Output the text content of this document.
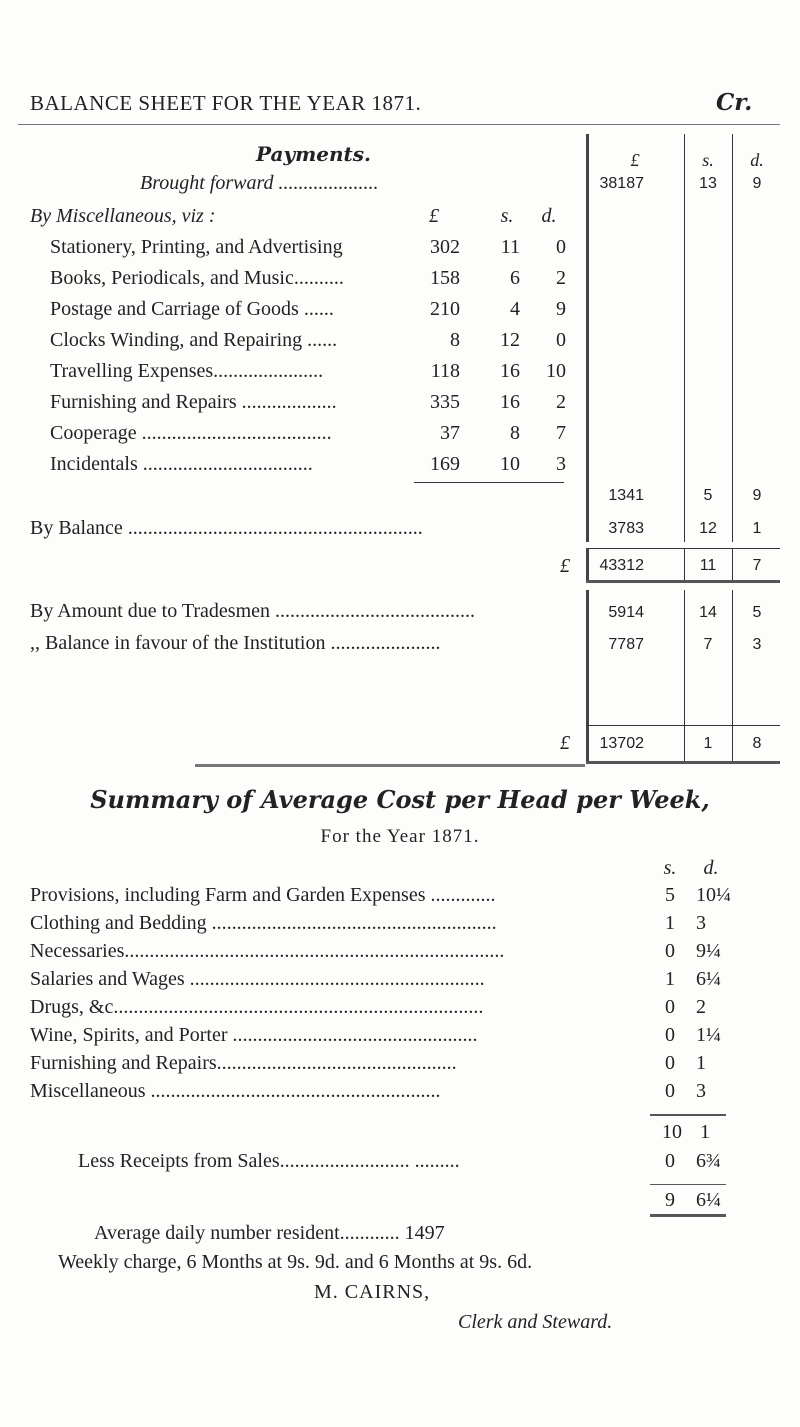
BALANCE SHEET FOR THE YEAR 1871.	Cr.
Payments.	£	s.	d.
Brought forward ....................	38187	13	9
By Miscellaneous, viz :	£	s.	d.
Stationery, Printing, and Advertising	302	11	0
Books, Periodicals, and Music..........	158	6	2
Postage and Carriage of Goods ......	210	4	9
Clocks Winding, and Repairing ......	8	12	0
Travelling Expenses......................	118	16	10
Furnishing and Repairs ...................	335	16	2
Cooperage ......................................	37	8	7
Incidentals ..................................	169	10	3
1341	5	9
By Balance ...........................................................	3783	12	1
£	43312	11	7
By Amount due to Tradesmen ........................................	5914	14	5
,, Balance in favour of the Institution ......................	7787	7	3
£	13702	1	8
Summary of Average Cost per Head per Week,
For the Year 1871.
s.	d.
Provisions, including Farm and Garden Expenses .............	5	10¼
Clothing and Bedding .........................................................	1	3
Necessaries............................................................................	0	9¼
Salaries and Wages ...........................................................	1	6¼
Drugs, &c..........................................................................	0	2
Wine, Spirits, and Porter .................................................	0	1¼
Furnishing and Repairs................................................	0	1
Miscellaneous ..........................................................	0	3
10 1
Less Receipts from Sales.......................... .........	0	6¾
9	6¼
Average daily number resident............ 1497
Weekly charge, 6 Months at 9s. 9d. and 6 Months at 9s. 6d.
M. CAIRNS,
Clerk and Steward.
